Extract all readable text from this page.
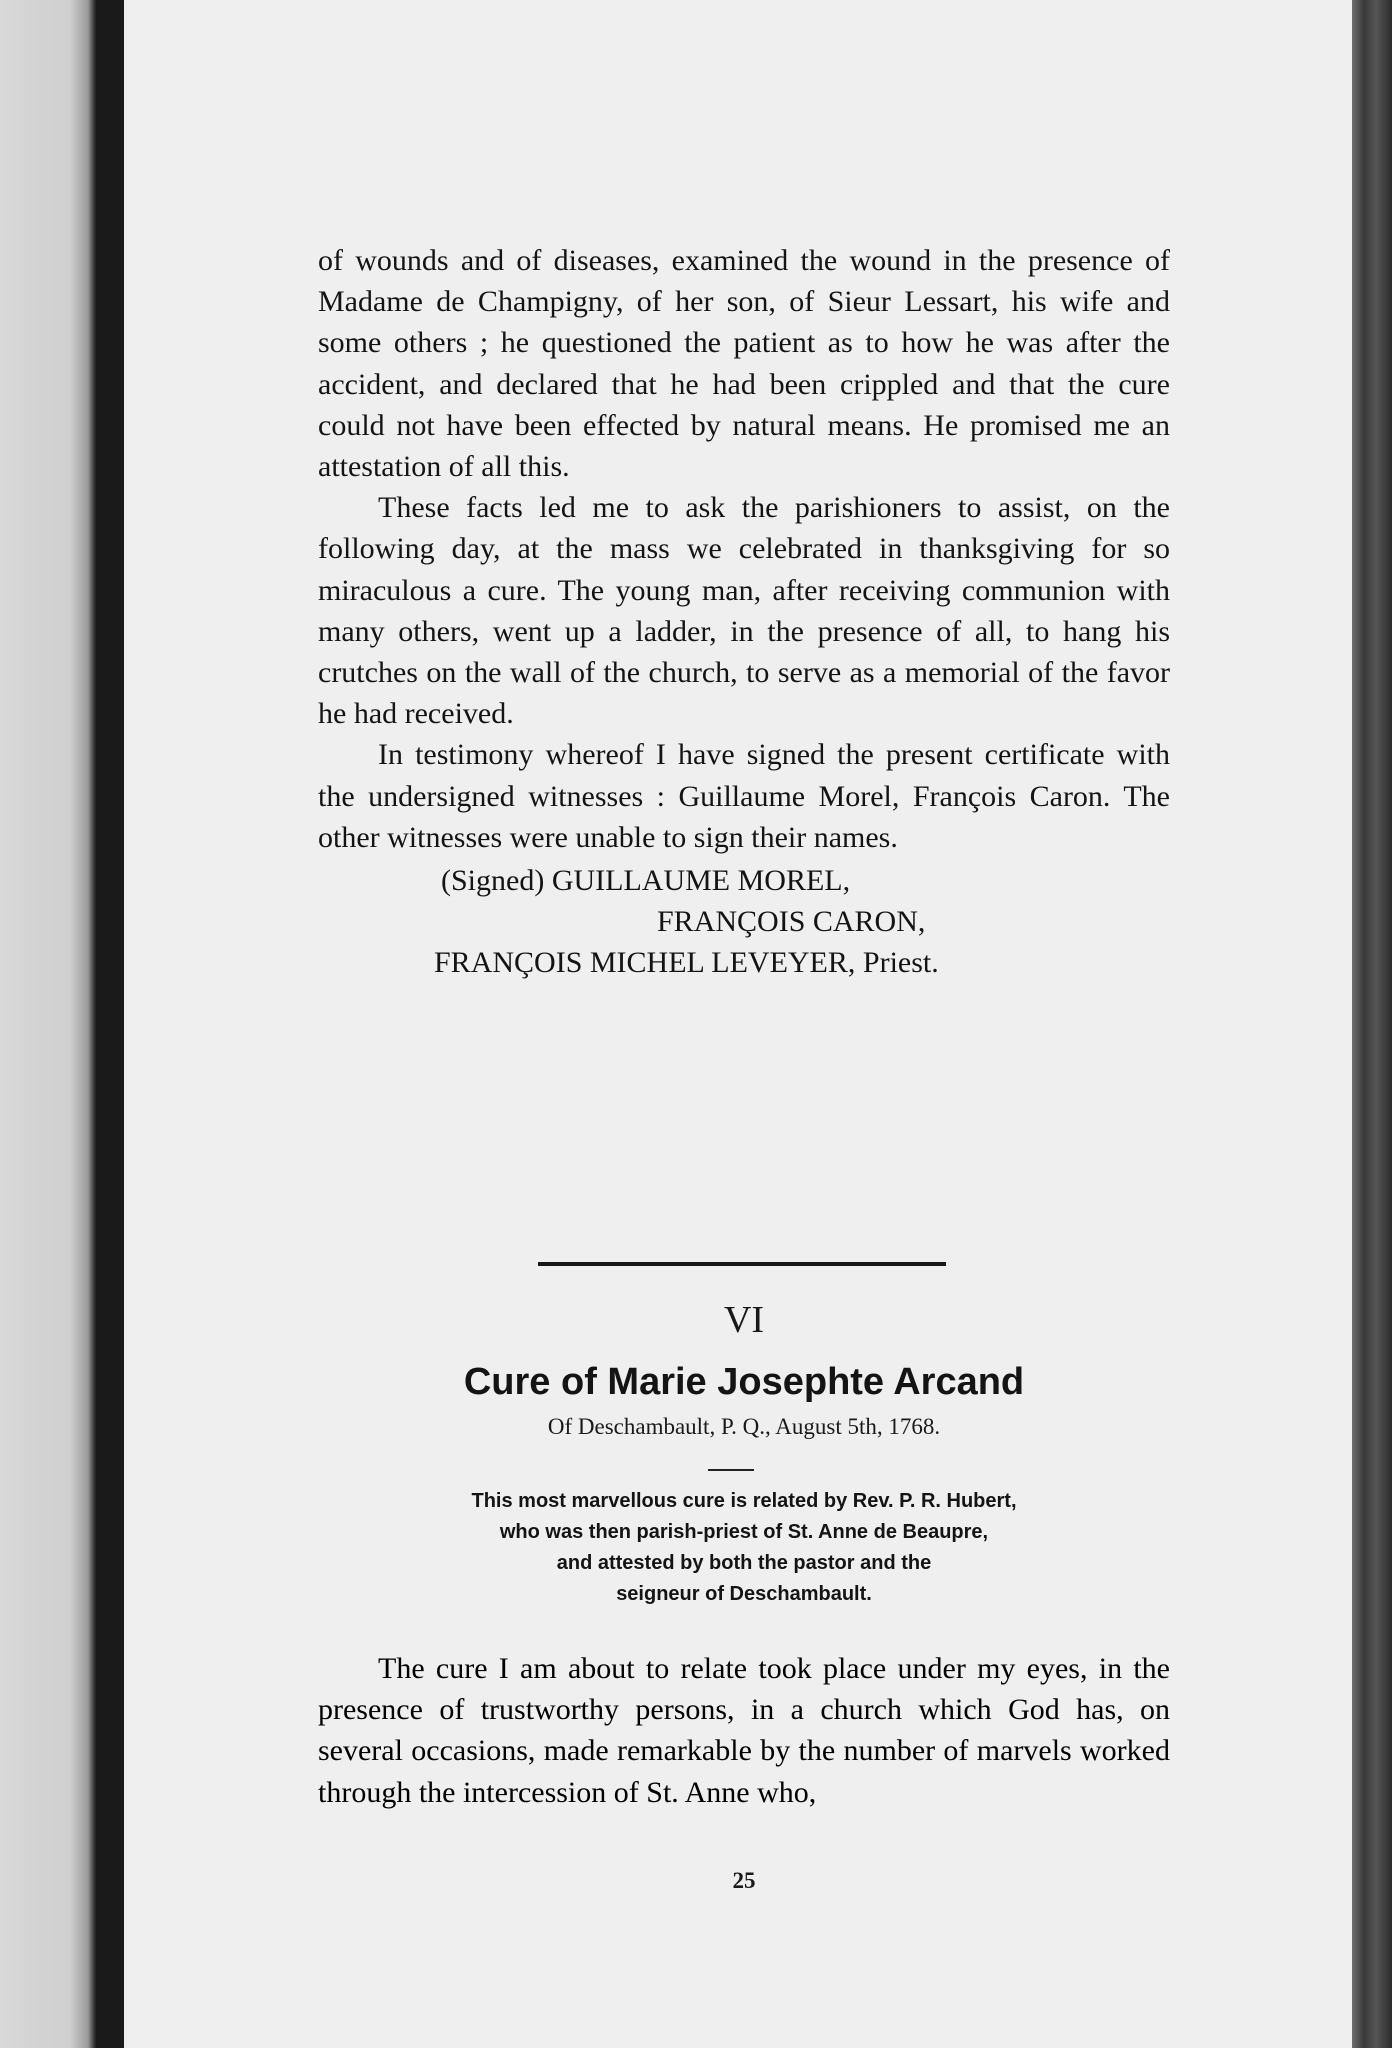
of wounds and of diseases, examined the wound in the presence of Madame de Champigny, of her son, of Sieur Lessart, his wife and some others ; he questioned the patient as to how he was after the accident, and declared that he had been crippled and that the cure could not have been effected by natural means. He promised me an attestation of all this.

These facts led me to ask the parishioners to assist, on the following day, at the mass we celebrated in thanksgiving for so miraculous a cure. The young man, after receiving communion with many others, went up a ladder, in the presence of all, to hang his crutches on the wall of the church, to serve as a memorial of the favor he had received.

In testimony whereof I have signed the present certificate with the undersigned witnesses : Guillaume Morel, François Caron. The other witnesses were unable to sign their names.

(Signed) GUILLAUME MOREL,
FRANÇOIS CARON,
FRANÇOIS MICHEL LEVEYER, Priest.
VI
Cure of Marie Josephte Arcand
Of Deschambault, P. Q., August 5th, 1768.
This most marvellous cure is related by Rev. P. R. Hubert,
who was then parish-priest of St. Anne de Beaupre,
and attested by both the pastor and the
seigneur of Deschambault.

The cure I am about to relate took place under my eyes, in the presence of trustworthy persons, in a church which God has, on several occasions, made remarkable by the number of marvels worked through the intercession of St. Anne who,

25
